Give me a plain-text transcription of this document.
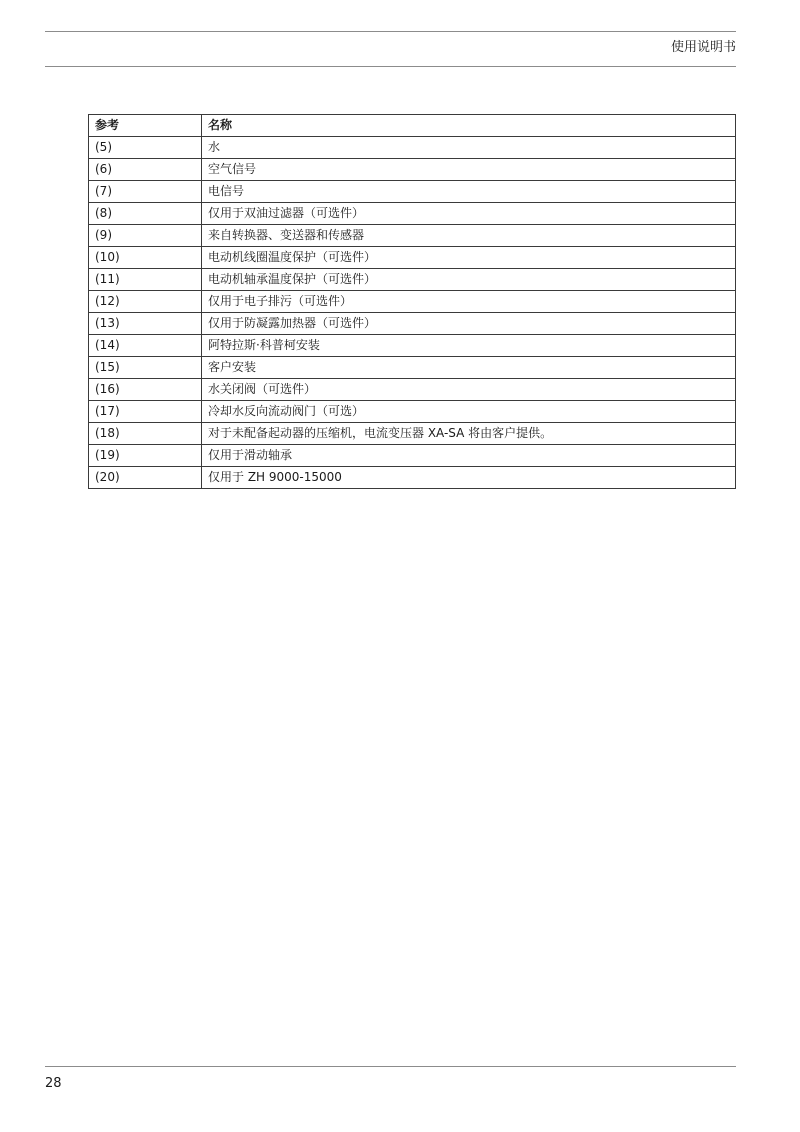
使用说明书
参考	名称
(5)	水
(6)	空气信号
(7)	电信号
(8)	仅用于双油过滤器（可选件）
(9)	来自转换器、变送器和传感器
(10)	电动机线圈温度保护（可选件）
(11)	电动机轴承温度保护（可选件）
(12)	仅用于电子排污（可选件）
(13)	仅用于防凝露加热器（可选件）
(14)	阿特拉斯·科普柯安装
(15)	客户安装
(16)	水关闭阀（可选件）
(17)	冷却水反向流动阀门（可选）
(18)	对于未配备起动器的压缩机，电流变压器 XA-SA 将由客户提供。
(19)	仅用于滑动轴承
(20)	仅用于 ZH 9000-15000
28
